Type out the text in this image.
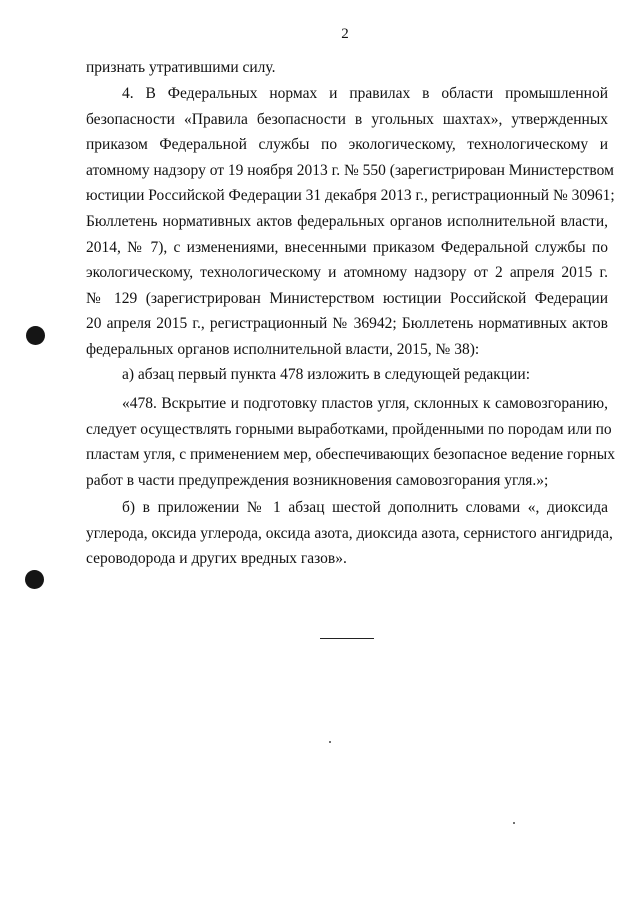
2
признать утратившими силу.
4. В Федеральных нормах и правилах в области промышленной
безопасности «Правила безопасности в угольных шахтах», утвержденных
приказом Федеральной службы по экологическому, технологическому и
атомному надзору от 19 ноября 2013 г. № 550 (зарегистрирован Министерством
юстиции Российской Федерации 31 декабря 2013 г., регистрационный № 30961;
Бюллетень нормативных актов федеральных органов исполнительной власти,
2014, № 7), с изменениями, внесенными приказом Федеральной службы по
экологическому, технологическому и атомному надзору от 2 апреля 2015 г.
№ 129 (зарегистрирован Министерством юстиции Российской Федерации
20 апреля 2015 г., регистрационный № 36942; Бюллетень нормативных актов
федеральных органов исполнительной власти, 2015, № 38):
а) абзац первый пункта 478 изложить в следующей редакции:
«478. Вскрытие и подготовку пластов угля, склонных к самовозгоранию,
следует осуществлять горными выработками, пройденными по породам или по
пластам угля, с применением мер, обеспечивающих безопасное ведение горных
работ в части предупреждения возникновения самовозгорания угля.»;
б) в приложении № 1 абзац шестой дополнить словами «, диоксида
углерода, оксида углерода, оксида азота, диоксида азота, сернистого ангидрида,
сероводорода и других вредных газов».
